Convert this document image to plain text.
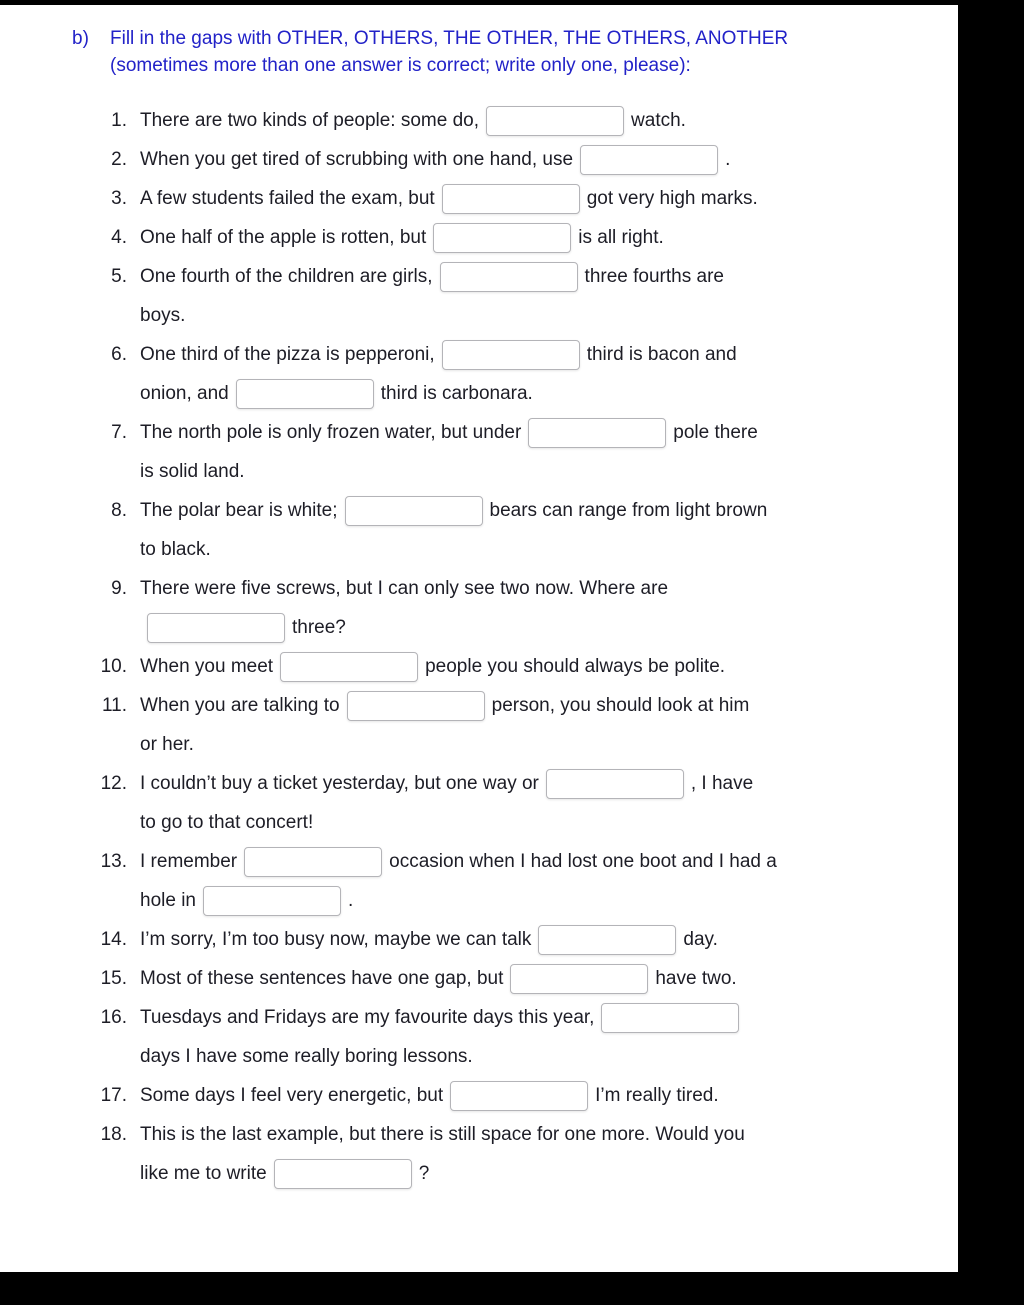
b)	Fill in the gaps with OTHER, OTHERS, THE OTHER, THE OTHERS, ANOTHER
(sometimes more than one answer is correct; write only one, please):
1. There are two kinds of people: some do,	watch.
2. When you get tired of scrubbing with one hand, use	.
3. A few students failed the exam, but	got very high marks.
4. One half of the apple is rotten, but	is all right.
5. One fourth of the children are girls,	three fourths are
boys.
6. One third of the pizza is pepperoni,	third is bacon and
onion, and	third is carbonara.
7. The north pole is only frozen water, but under	pole there
is solid land.
8. The polar bear is white;	bears can range from light brown
to black.
9. There were five screws, but I can only see two now. Where are
three?
10. When you meet	people you should always be polite.
11. When you are talking to	person, you should look at him
or her.
12. I couldn’t buy a ticket yesterday, but one way or	, I have
to go to that concert!
13. I remember	occasion when I had lost one boot and I had a
hole in	.
14. I’m sorry, I’m too busy now, maybe we can talk	day.
15. Most of these sentences have one gap, but	have two.
16. Tuesdays and Fridays are my favourite days this year,
days I have some really boring lessons.
17. Some days I feel very energetic, but	I’m really tired.
18. This is the last example, but there is still space for one more. Would you
like me to write	?
